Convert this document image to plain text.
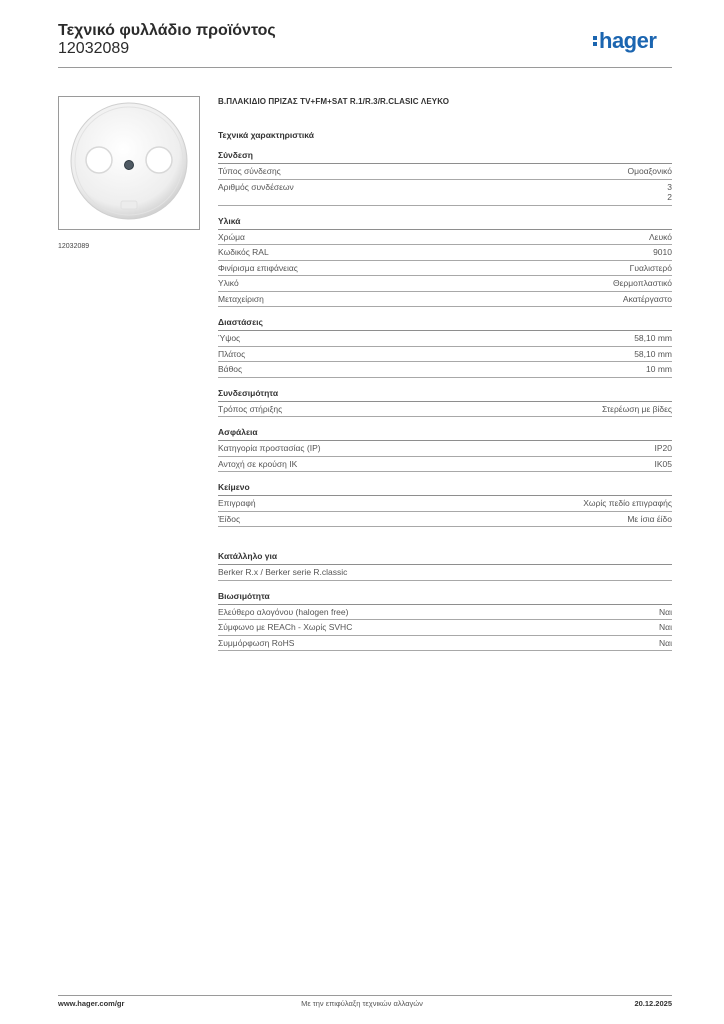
Τεχνικό φυλλάδιο προϊόντος
12032089	hager
12032089
Β.ΠΛΑΚΙΔΙΟ ΠΡΙΖΑΣ TV+FM+SAT R.1/R.3/R.CLASIC ΛΕΥΚΟ
Τεχνικά χαρακτηριστικά
Σύνδεση
Τύπος σύνδεσης	Ομοαξονικό
Αριθμός συνδέσεων	3
2
Υλικά
Χρώμα	Λευκό
Κωδικός RAL	9010
Φινίρισμα επιφάνειας	Γυαλιστερό
Υλικό	Θερμοπλαστικό
Μεταχείριση	Ακατέργαστο
Διαστάσεις
Ύψος	58,10 mm
Πλάτος	58,10 mm
Βάθος	10 mm
Συνδεσιμότητα
Τρόπος στήριξης	Στερέωση με βίδες
Ασφάλεια
Κατηγορία προστασίας (IP)	IP20
Αντοχή σε κρούση IK	IK05
Κείμενο
Επιγραφή	Χωρίς πεδίο επιγραφής
Έίδος	Με ίσια έίδο
Κατάλληλο για
Berker R.x / Berker serie R.classic
Βιωσιμότητα
Ελεύθερο αλογόνου (halogen free)	Ναι
Σύμφωνο με REACh - Χωρίς SVHC	Ναι
Συμμόρφωση RoHS	Ναι
www.hager.com/gr	Με την επιφύλαξη τεχνικών αλλαγών	20.12.2025
